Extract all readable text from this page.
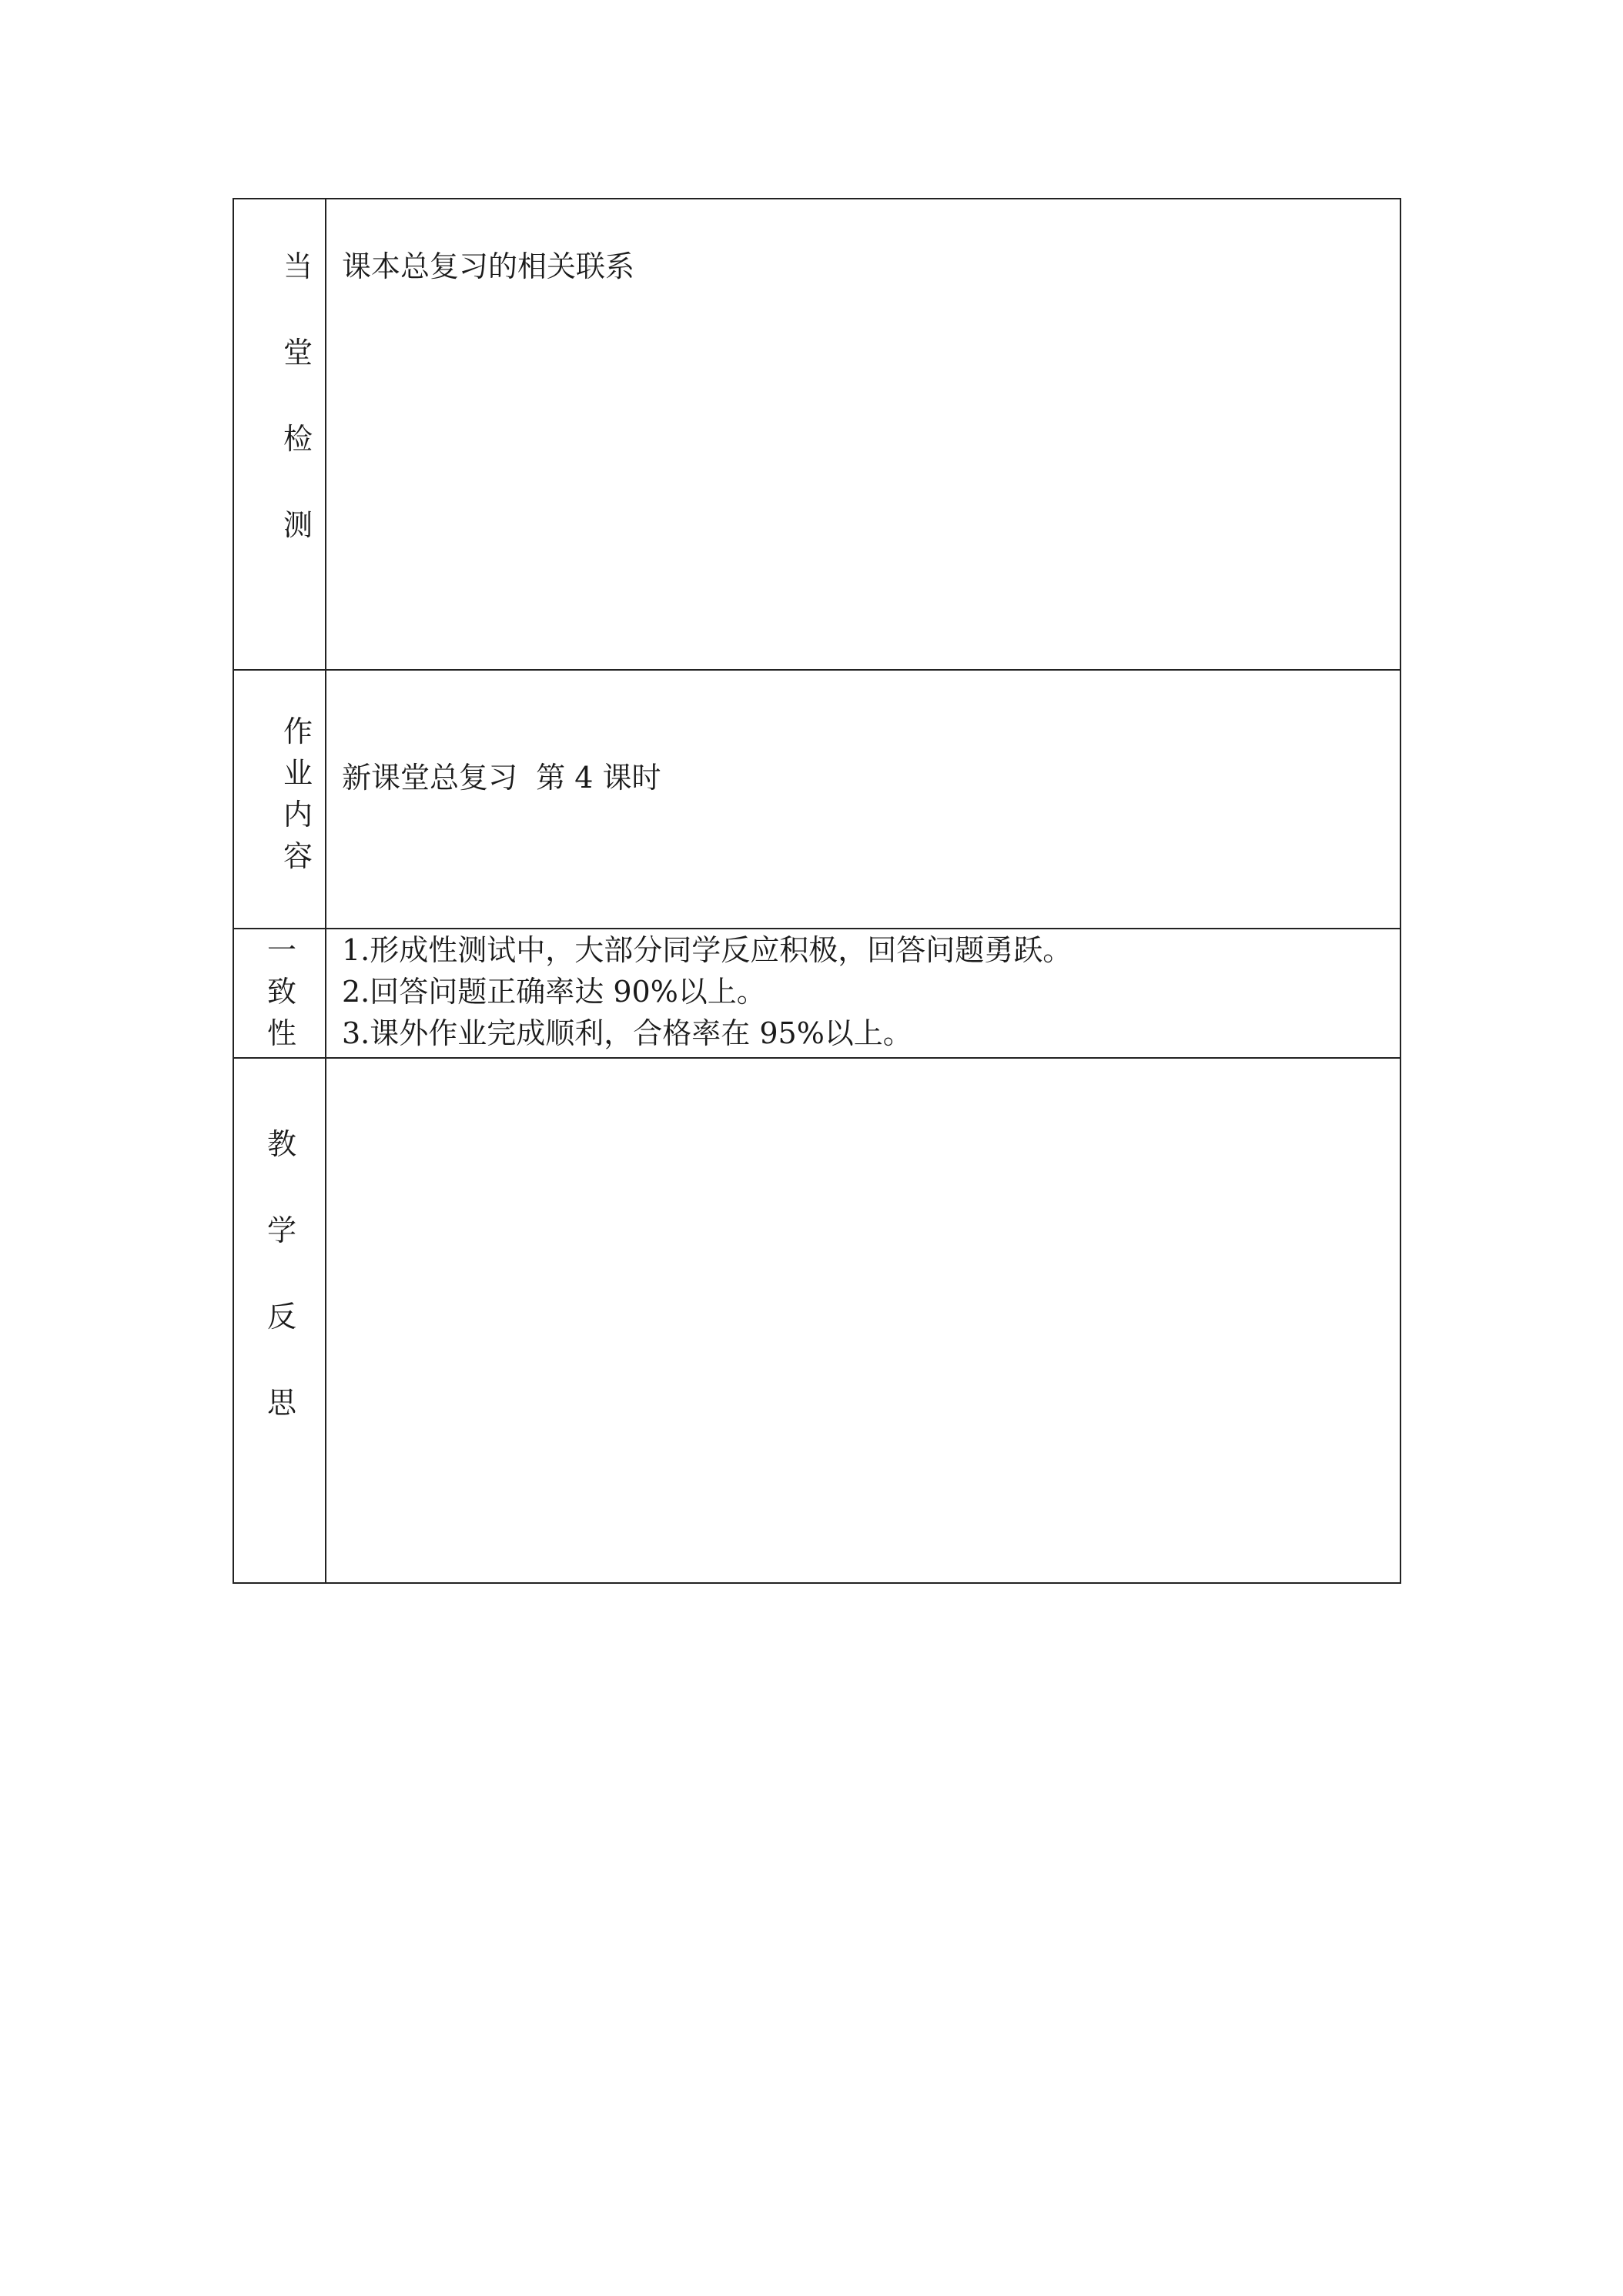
当
堂
检
测
课本总复习的相关联系
作
业
内
容
新课堂总复习  第 4 课时
一
致
性
1.形成性测试中，大部分同学反应积极，回答问题勇跃。
2.回答问题正确率达 90%以上。
3.课外作业完成顺利，合格率在 95%以上。
教
学
反
思
